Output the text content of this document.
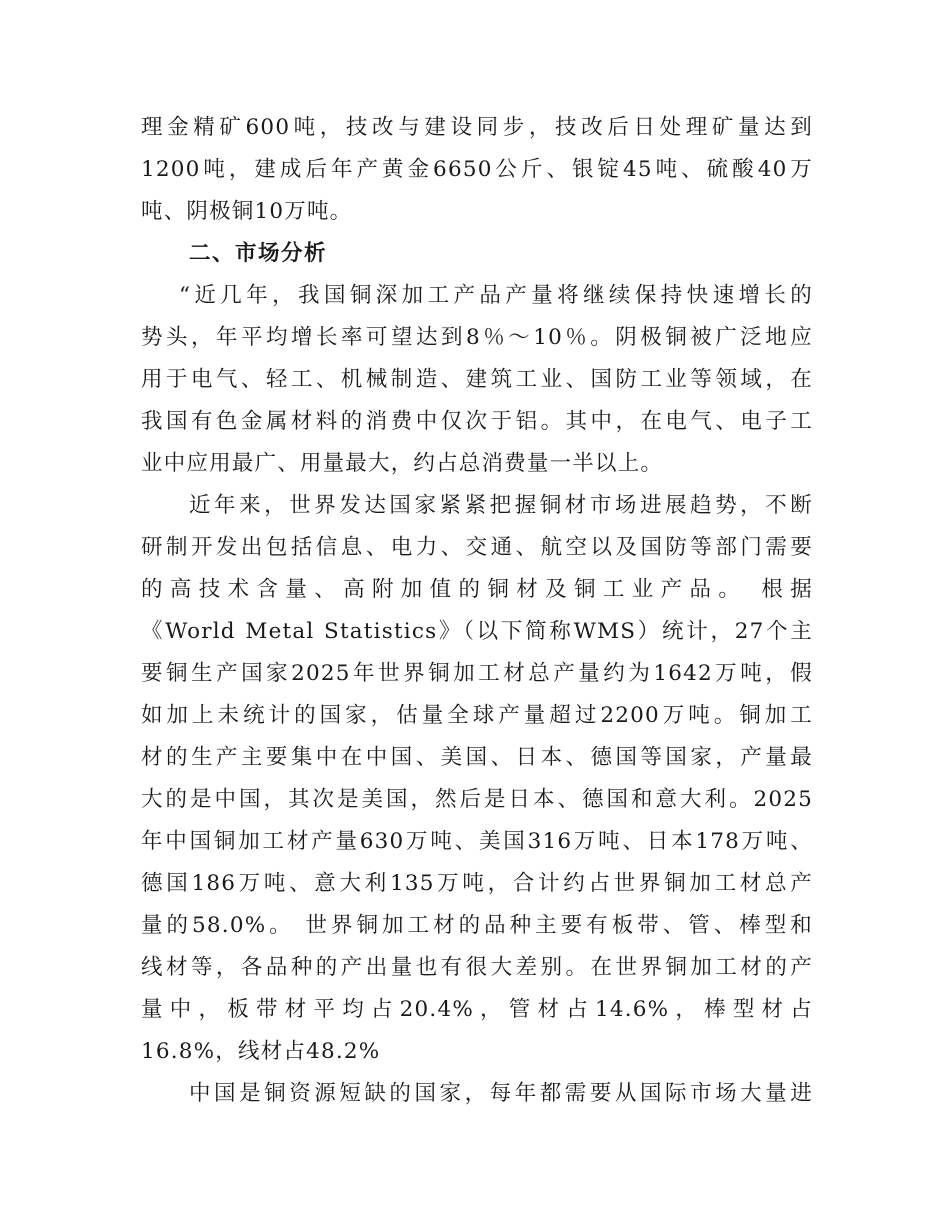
理金精矿600吨，技改与建设同步，技改后日处理矿量达到
1200吨，建成后年产黄金6650公斤、银锭45吨、硫酸40万
吨、阴极铜10万吨。
二、市场分析
“近几年，我国铜深加工产品产量将继续保持快速增长的
势头，年平均增长率可望达到8％～10％。阴极铜被广泛地应
用于电气、轻工、机械制造、建筑工业、国防工业等领域，在
我国有色金属材料的消费中仅次于铝。其中，在电气、电子工
业中应用最广、用量最大，约占总消费量一半以上。
近年来，世界发达国家紧紧把握铜材市场进展趋势，不断
研制开发出包括信息、电力、交通、航空以及国防等部门需要
的高技术含量、高附加值的铜材及铜工业产品。 根据
《World Metal Statistics》（以下简称WMS）统计，27个主
要铜生产国家2025年世界铜加工材总产量约为1642万吨，假
如加上未统计的国家，估量全球产量超过2200万吨。铜加工
材的生产主要集中在中国、美国、日本、德国等国家，产量最
大的是中国，其次是美国，然后是日本、德国和意大利。2025
年中国铜加工材产量630万吨、美国316万吨、日本178万吨、
德国186万吨、意大利135万吨，合计约占世界铜加工材总产
量的58.0%。 世界铜加工材的品种主要有板带、管、棒型和
线材等，各品种的产出量也有很大差别。在世界铜加工材的产
量中，板带材平均占20.4%，管材占14.6%，棒型材占
16.8%，线材占48.2%
中国是铜资源短缺的国家，每年都需要从国际市场大量进
